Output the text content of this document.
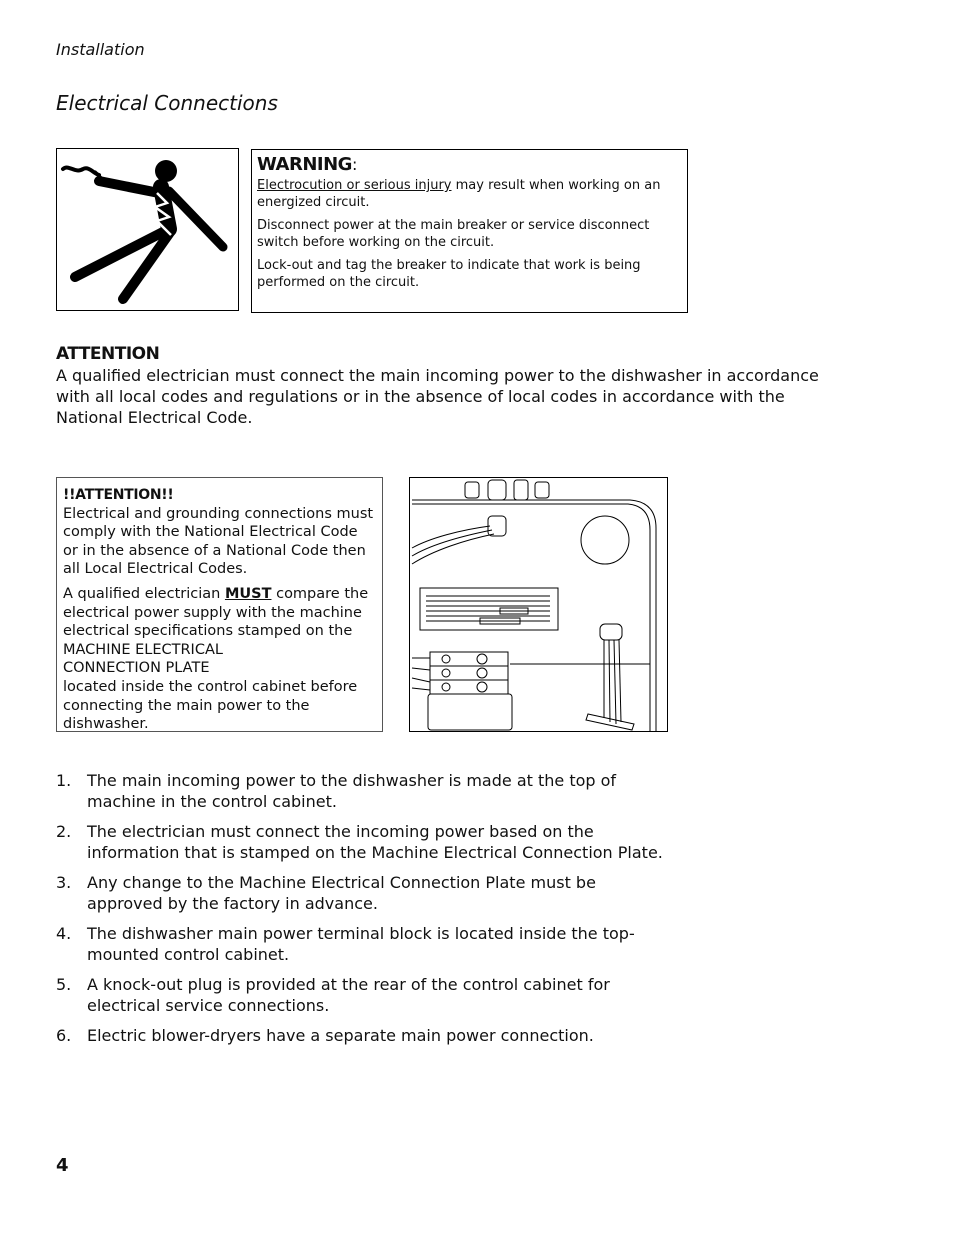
Installation
Electrical Connections
WARNING:

Electrocution or serious injury may result when working on an energized circuit.

Disconnect power at the main breaker or service disconnect switch before working on the circuit.

Lock-out and tag the breaker to indicate that work is being performed on the circuit.

ATTENTION
A qualified electrician must connect the main incoming power to the dishwasher in accordance with all local codes and regulations or in the absence of local codes in accordance with the National Electrical Code.
!!ATTENTION!!

Electrical and grounding connections must comply with the National Electrical Code or in the absence of a National Code then all Local Electrical Codes.

A qualified electrician MUST compare the electrical power supply with the machine electrical specifications stamped on the
MACHINE ELECTRICAL
CONNECTION PLATE
located inside the control cabinet before connecting the main power to the dishwasher.

1. The main incoming power to the dishwasher is made at the top of machine in the control cabinet.
2. The electrician must connect the incoming power based on the information that is stamped on the Machine Electrical Connection Plate.
3. Any change to the Machine Electrical Connection Plate must be approved by the factory in advance.
4. The dishwasher main power terminal block is located inside the top-mounted control cabinet.
5. A knock-out plug is provided at the rear of the control cabinet for electrical service connections.
6. Electric blower-dryers have a separate main power connection.
4
